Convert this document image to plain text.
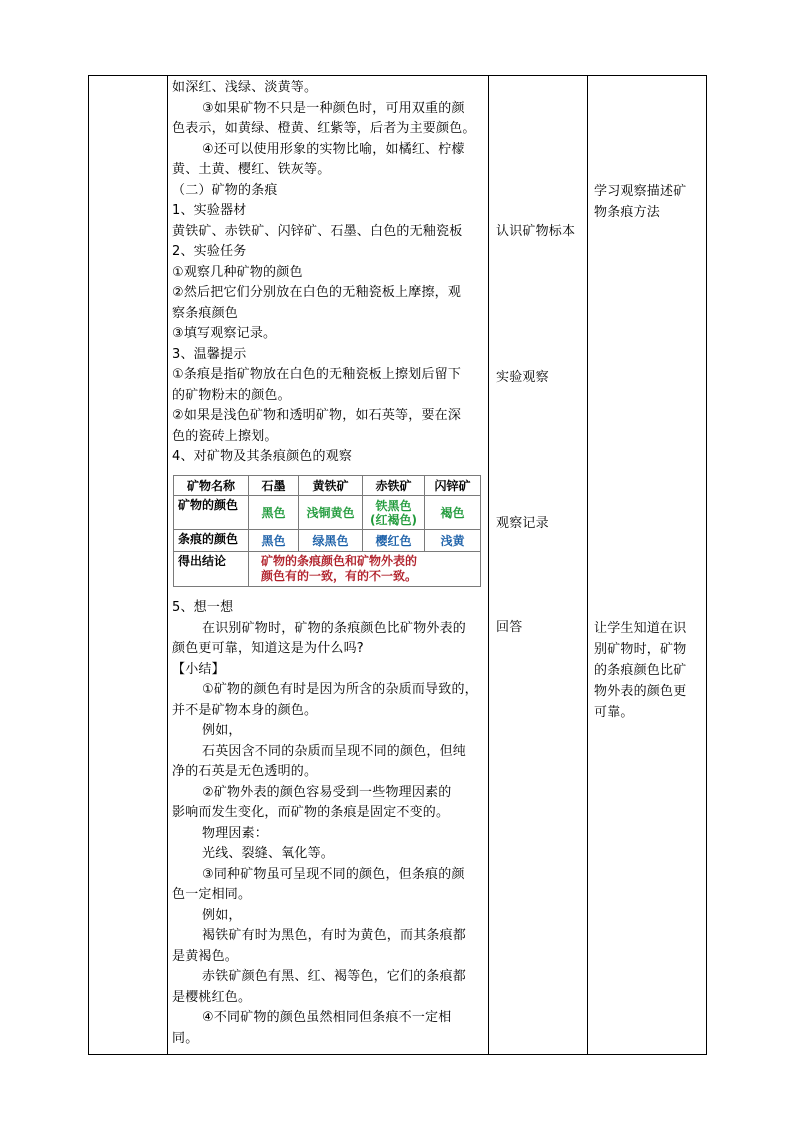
如深红、浅绿、淡黄等。
③如果矿物不只是一种颜色时，可用双重的颜
色表示，如黄绿、橙黄、红紫等，后者为主要颜色。
④还可以使用形象的实物比喻，如橘红、柠檬
黄、土黄、樱红、铁灰等。
（二）矿物的条痕
1、实验器材
黄铁矿、赤铁矿、闪锌矿、石墨、白色的无釉瓷板
2、实验任务
①观察几种矿物的颜色
②然后把它们分别放在白色的无釉瓷板上摩擦，观
察条痕颜色
③填写观察记录。
3、温馨提示
①条痕是指矿物放在白色的无釉瓷板上擦划后留下
的矿物粉末的颜色。
②如果是浅色矿物和透明矿物，如石英等，要在深
色的瓷砖上擦划。
4、对矿物及其条痕颜色的观察
矿物名称	石墨	黄铁矿	赤铁矿	闪锌矿
矿物的颜色	黑色	浅铜黄色	铁黑色
(红褐色)	褐色
条痕的颜色	黑色	绿黑色	樱红色	浅黄
得出结论	矿物的条痕颜色和矿物外表的
颜色有的一致，有的不一致。			
5、想一想
在识别矿物时，矿物的条痕颜色比矿物外表的
颜色更可靠，知道这是为什么吗?
【小结】
①矿物的颜色有时是因为所含的杂质而导致的，
并不是矿物本身的颜色。
例如，
石英因含不同的杂质而呈现不同的颜色，但纯
净的石英是无色透明的。
②矿物外表的颜色容易受到一些物理因素的
影响而发生变化，而矿物的条痕是固定不变的。
物理因素：
光线、裂缝、氧化等。
③同种矿物虽可呈现不同的颜色，但条痕的颜
色一定相同。
例如，
褐铁矿有时为黑色，有时为黄色，而其条痕都
是黄褐色。
赤铁矿颜色有黑、红、褐等色，它们的条痕都
是樱桃红色。
④不同矿物的颜色虽然相同但条痕不一定相
同。
认识矿物标本
实验观察
观察记录
回答
学习观察描述矿
物条痕方法
让学生知道在识
别矿物时，矿物
的条痕颜色比矿
物外表的颜色更
可靠。
